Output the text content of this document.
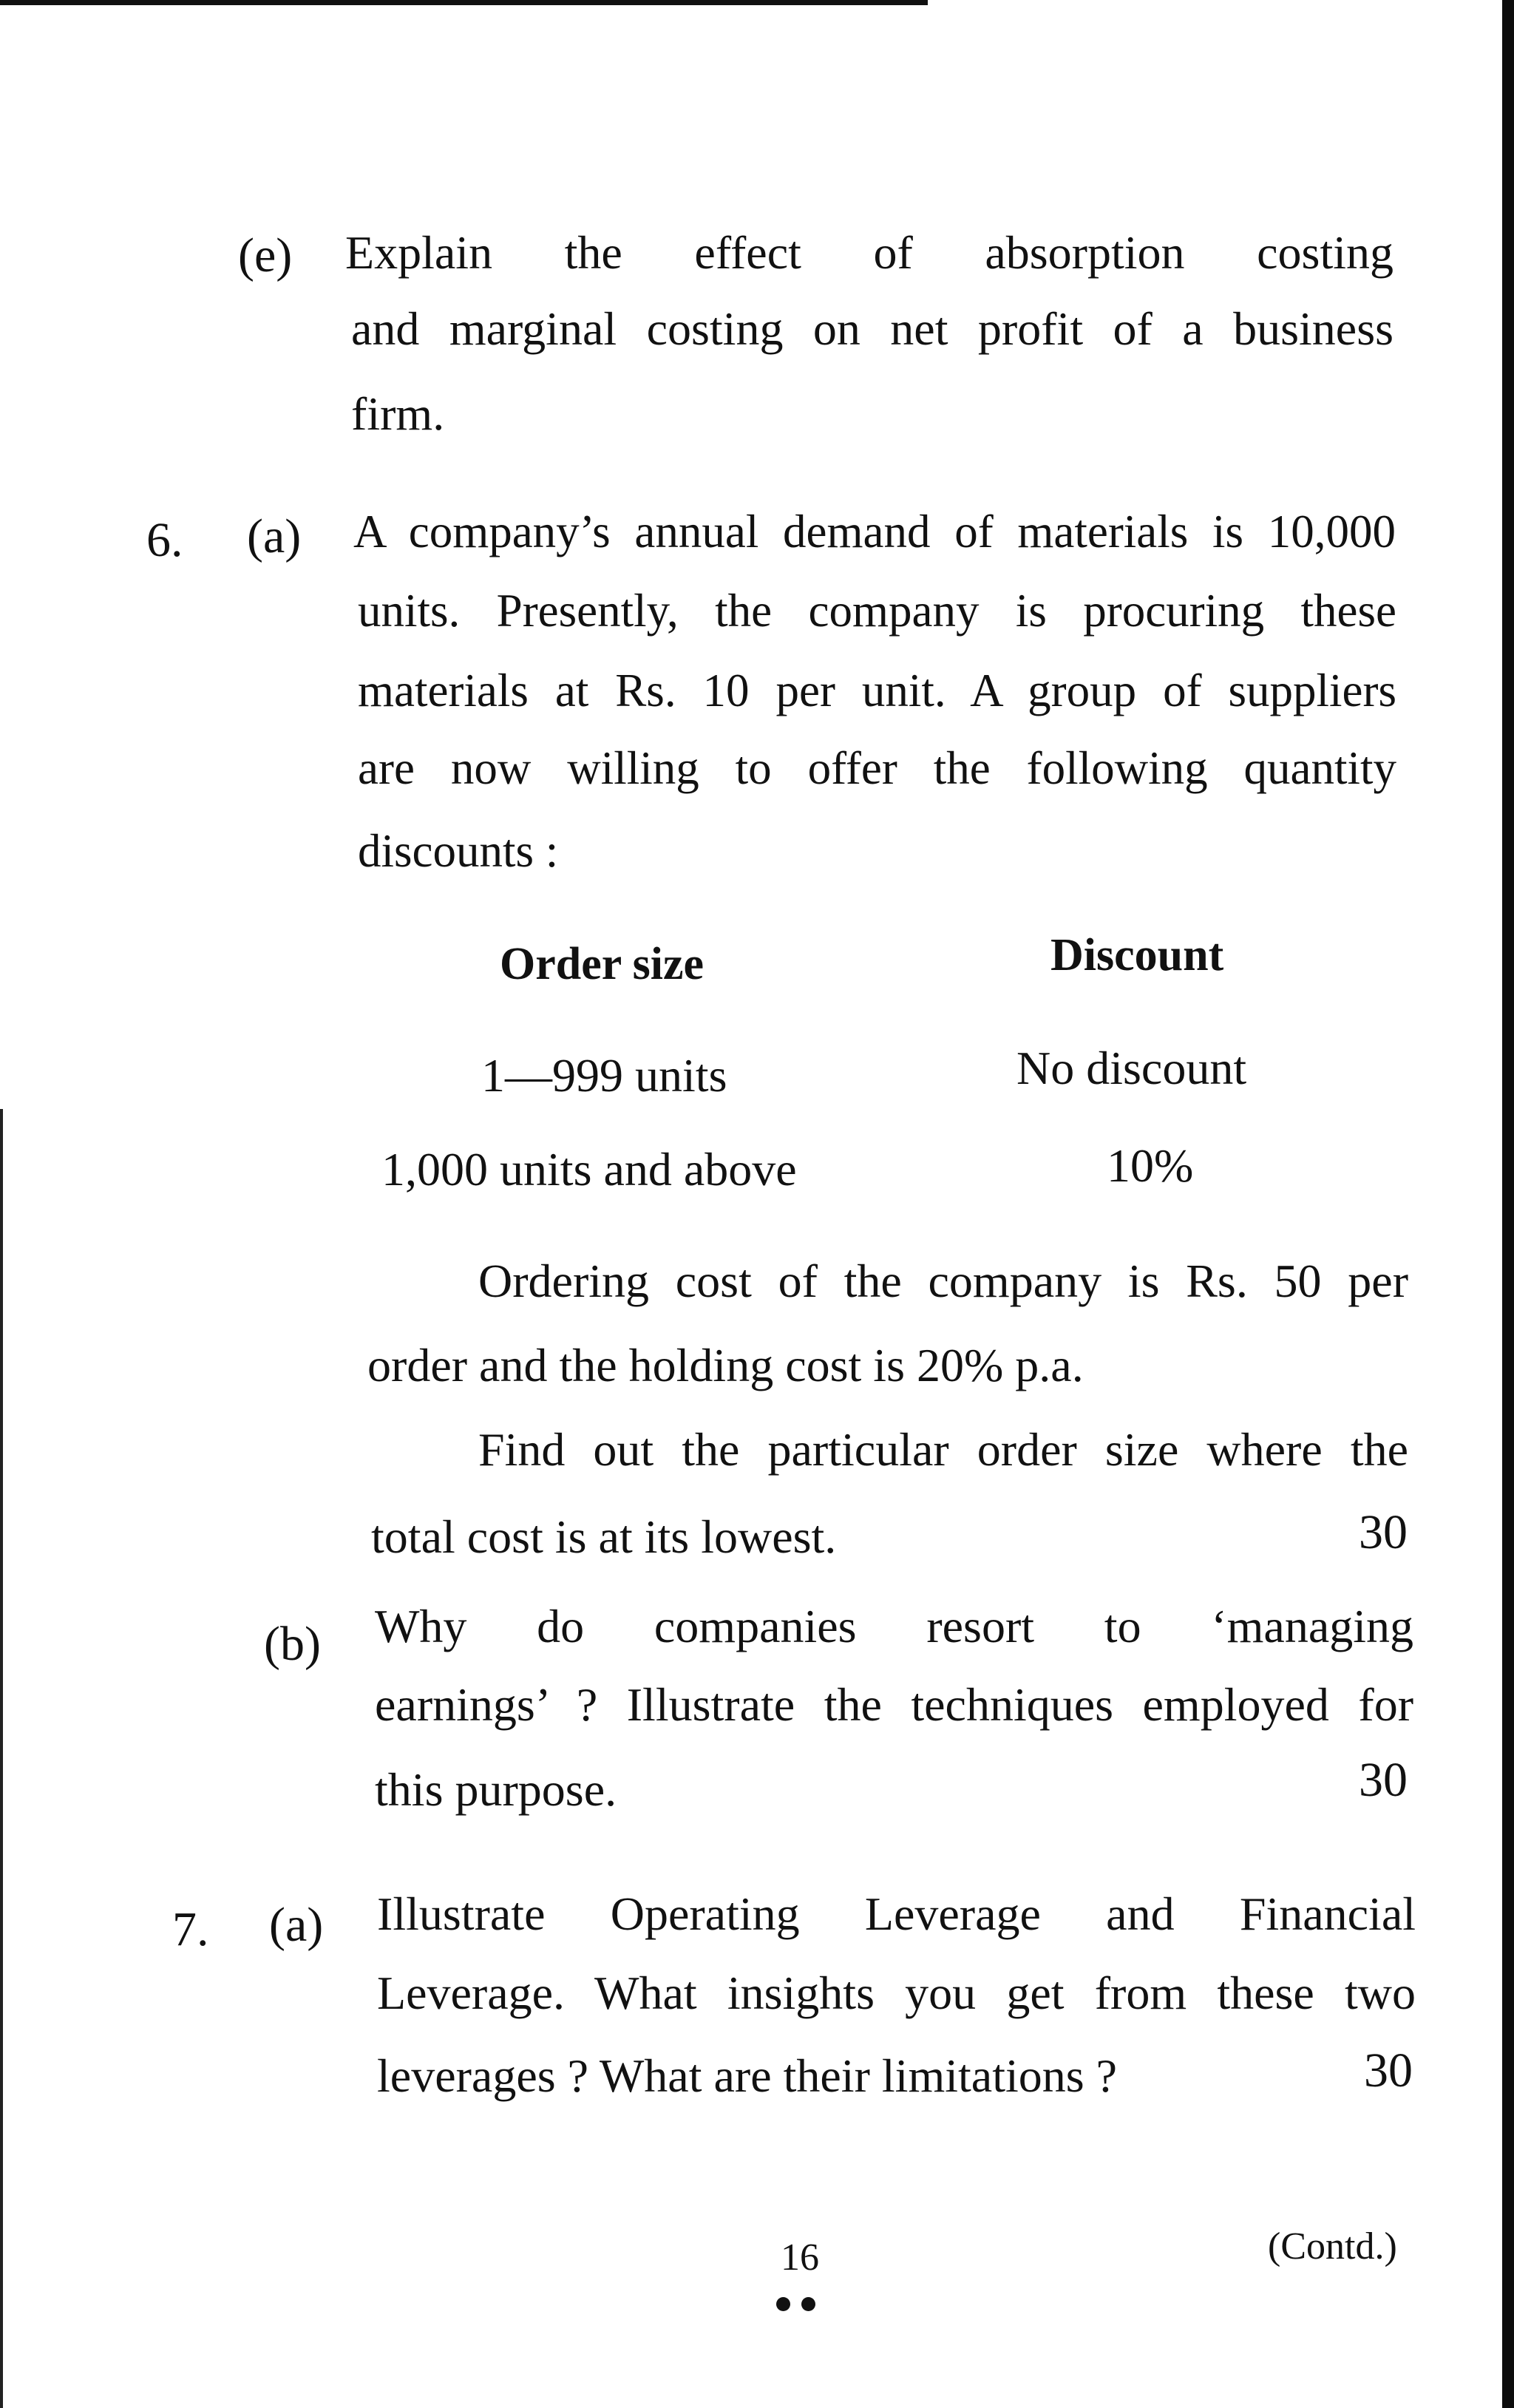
(e) Explain the effect of absorption costing
and marginal costing on net profit of a business
firm.
6. (a) A company’s annual demand of materials is 10,000
units. Presently, the company is procuring these
materials at Rs. 10 per unit. A group of suppliers
are now willing to offer the following quantity
discounts :
Order size	Discount
1—999 units	No discount
1,000 units and above	10%
Ordering cost of the company is Rs. 50 per
order and the holding cost is 20% p.a.
Find out the particular order size where the
total cost is at its lowest.	30
(b) Why do companies resort to ‘managing
earnings’ ? Illustrate the techniques employed for
this purpose.	30
7. (a) Illustrate Operating Leverage and Financial
Leverage. What insights you get from these two
leverages ? What are their limitations ?	30
16	(Contd.)
